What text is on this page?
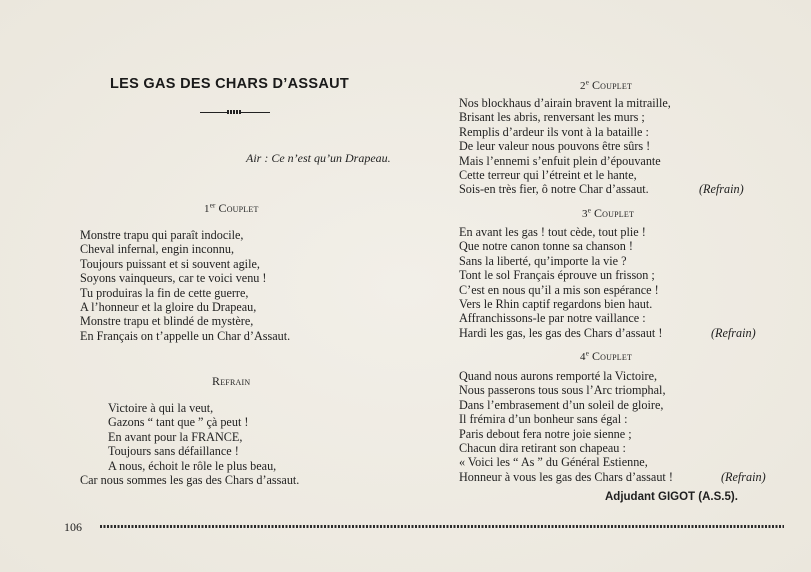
LES GAS DES CHARS D’ASSAUT
Air : Ce n’est qu’un Drapeau.
1er Couplet
Monstre trapu qui paraît indocile,
Cheval infernal, engin inconnu,
Toujours puissant et si souvent agile,
Soyons vainqueurs, car te voici venu !
Tu produiras la fin de cette guerre,
A l’honneur et la gloire du Drapeau,
Monstre trapu et blindé de mystère,
En Français on t’appelle un Char d’Assaut.
Refrain
Victoire à qui la veut,
Gazons “ tant que ” çà peut !
En avant pour la FRANCE,
Toujours sans défaillance !
A nous, échoit le rôle le plus beau,
Car nous sommes les gas des Chars d’assaut.
2e Couplet
Nos blockhaus d’airain bravent la mitraille,
Brisant les abris, renversant les murs ;
Remplis d’ardeur ils vont à la bataille :
De leur valeur nous pouvons être sûrs !
Mais l’ennemi s’enfuit plein d’épouvante
Cette terreur qui l’étreint et le hante,
Sois-en très fier, ô notre Char d’assaut.	(Refrain)
3e Couplet
En avant les gas ! tout cède, tout plie !
Que notre canon tonne sa chanson !
Sans la liberté, qu’importe la vie ?
Tont le sol Français éprouve un frisson ;
C’est en nous qu’il a mis son espérance !
Vers le Rhin captif regardons bien haut.
Affranchissons-le par notre vaillance :
Hardi les gas, les gas des Chars d’assaut !	(Refrain)
4e Couplet
Quand nous aurons remporté la Victoire,
Nous passerons tous sous l’Arc triomphal,
Dans l’embrasement d’un soleil de gloire,
Il frémira d’un bonheur sans égal :
Paris debout fera notre joie sienne ;
Chacun dira retirant son chapeau :
« Voici les “ As ” du Général Estienne,
Honneur à vous les gas des Chars d’assaut !	(Refrain)
Adjudant GIGOT (A.S.5).
106
